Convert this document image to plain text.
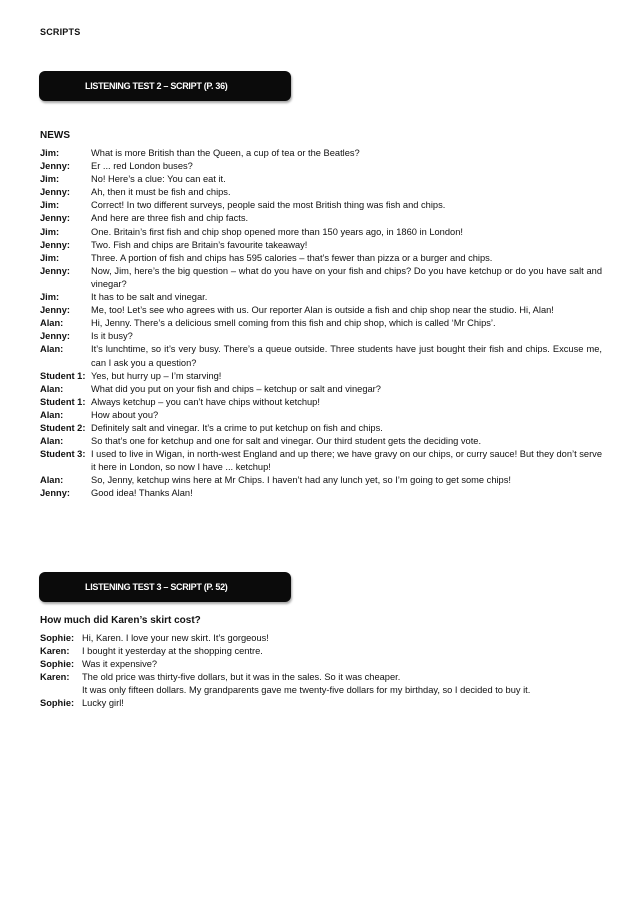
SCRIPTS
LISTENING TEST 2 – SCRIPT (P. 36)
NEWS
Jim:	What is more British than the Queen, a cup of tea or the Beatles?
Jenny:	Er ... red London buses?
Jim:	No! Here’s a clue: You can eat it.
Jenny:	Ah, then it must be fish and chips.
Jim:	Correct! In two different surveys, people said the most British thing was fish and chips.
Jenny:	And here are three fish and chip facts.
Jim:	One. Britain’s first fish and chip shop opened more than 150 years ago, in 1860 in London!
Jenny:	Two. Fish and chips are Britain’s favourite takeaway!
Jim:	Three. A portion of fish and chips has 595 calories – that’s fewer than pizza or a burger and chips.
Jenny:	Now, Jim, here’s the big question – what do you have on your fish and chips? Do you have ketchup or do you have salt and vinegar?
Jim:	It has to be salt and vinegar.
Jenny:	Me, too! Let’s see who agrees with us. Our reporter Alan is outside a fish and chip shop near the studio. Hi, Alan!
Alan:	Hi, Jenny. There’s a delicious smell coming from this fish and chip shop, which is called ‘Mr Chips’.
Jenny:	Is it busy?
Alan:	It’s lunchtime, so it’s very busy. There’s a queue outside. Three students have just bought their fish and chips. Excuse me, can I ask you a question?
Student 1: Yes, but hurry up – I’m starving!
Alan:	What did you put on your fish and chips – ketchup or salt and vinegar?
Student 1: Always ketchup – you can’t have chips without ketchup!
Alan:	How about you?
Student 2: Definitely salt and vinegar. It’s a crime to put ketchup on fish and chips.
Alan:	So that’s one for ketchup and one for salt and vinegar. Our third student gets the deciding vote.
Student 3: I used to live in Wigan, in north-west England and up there; we have gravy on our chips, or curry sauce! But they don’t serve it here in London, so now I have ... ketchup!
Alan:	So, Jenny, ketchup wins here at Mr Chips. I haven’t had any lunch yet, so I’m going to get some chips!
Jenny:	Good idea! Thanks Alan!
LISTENING TEST 3 – SCRIPT (P. 52)
How much did Karen’s skirt cost?
Sophie: Hi, Karen. I love your new skirt. It’s gorgeous!
Karen:	I bought it yesterday at the shopping centre.
Sophie: Was it expensive?
Karen:	The old price was thirty-five dollars, but it was in the sales. So it was cheaper.
It was only fifteen dollars. My grandparents gave me twenty-five dollars for my birthday, so I decided to buy it.
Sophie: Lucky girl!
